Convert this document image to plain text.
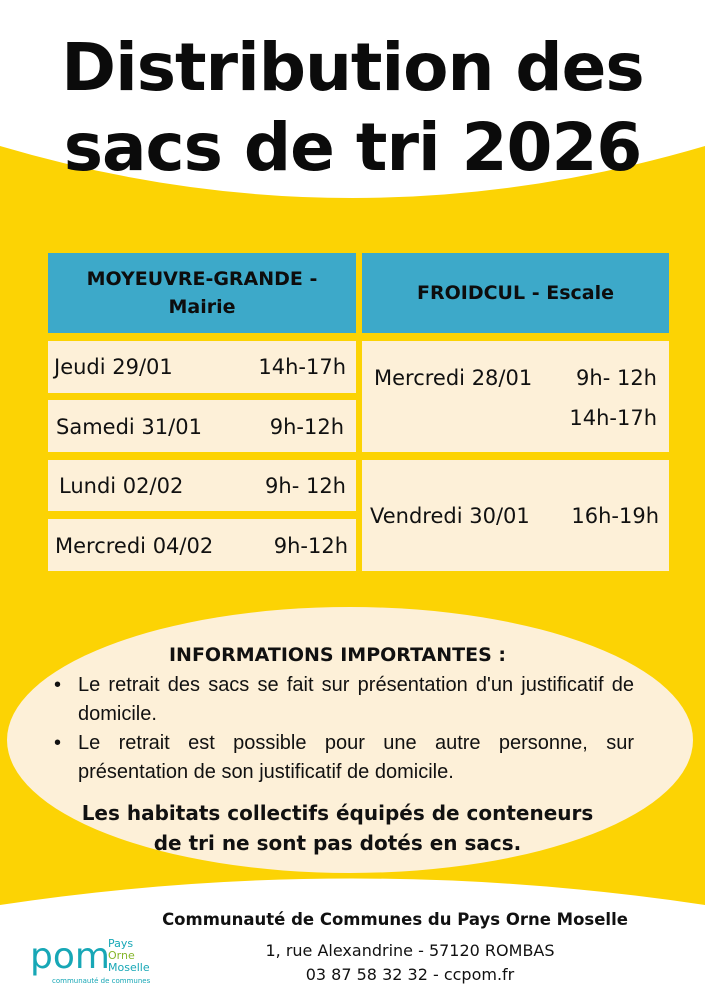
Distribution des
sacs de tri 2026
MOYEUVRE-GRANDE -
Mairie
FROIDCUL - Escale
Jeudi 29/01	14h-17h
Samedi 31/01	9h-12h
Lundi 02/02	9h- 12h
Mercredi 04/02	9h-12h
Mercredi 28/01 9h- 12h
14h-17h
Vendredi 30/01 16h-19h
INFORMATIONS IMPORTANTES :
• Le retrait des sacs se fait sur présentation d'un justificatif de domicile.
• Le retrait est possible pour une autre personne, sur présentation de son justificatif de domicile.
Les habitats collectifs équipés de conteneurs
de tri ne sont pas dotés en sacs.
Communauté de Communes du Pays Orne Moselle
1, rue Alexandrine - 57120 ROMBAS
03 87 58 32 32 - ccpom.fr
pom
Pays
Orne
Moselle
communauté de communes
